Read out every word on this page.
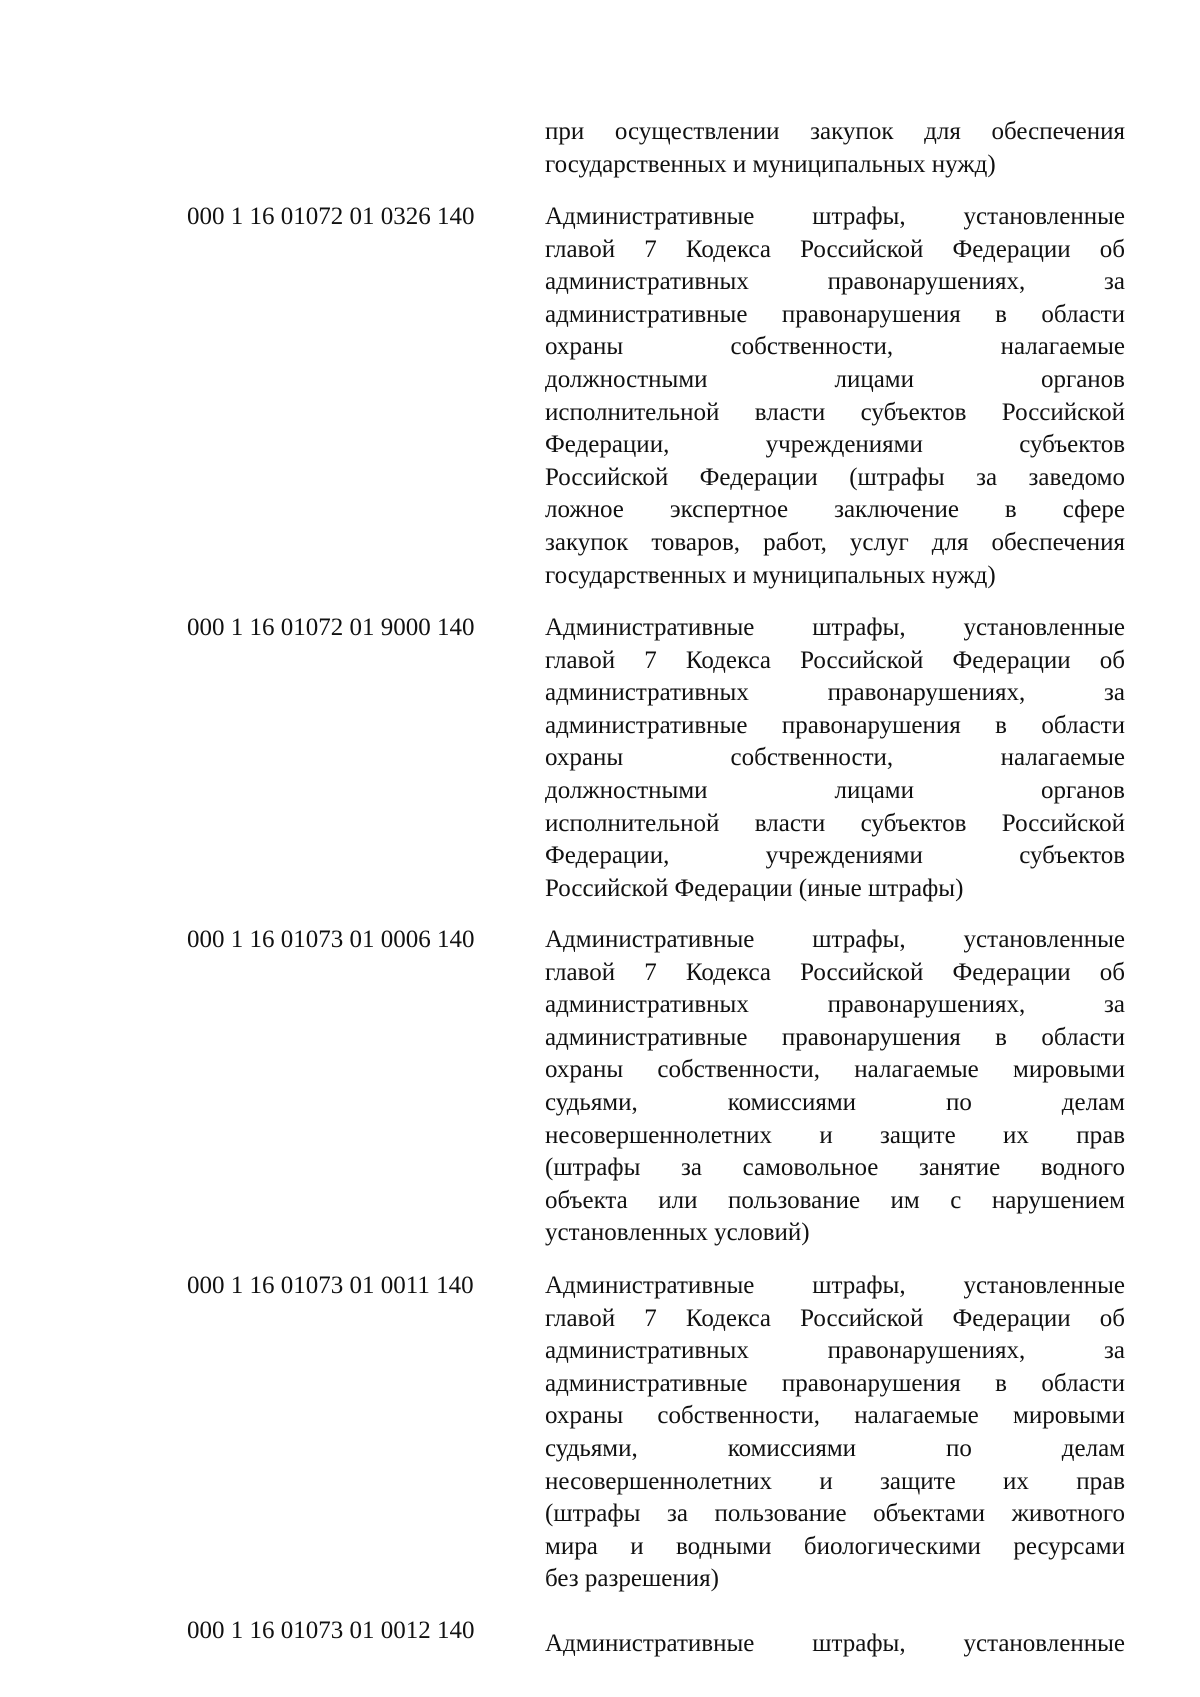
при осуществлении закупок для обеспечения
государственных и муниципальных нужд)
000 1 16 01072 01 0326 140	Административные штрафы, установленные
главой 7 Кодекса Российской Федерации об
административных правонарушениях, за
административные правонарушения в области
охраны собственности, налагаемые
должностными лицами органов
исполнительной власти субъектов Российской
Федерации, учреждениями субъектов
Российской Федерации (штрафы за заведомо
ложное экспертное заключение в сфере
закупок товаров, работ, услуг для обеспечения
государственных и муниципальных нужд)
000 1 16 01072 01 9000 140	Административные штрафы, установленные
главой 7 Кодекса Российской Федерации об
административных правонарушениях, за
административные правонарушения в области
охраны собственности, налагаемые
должностными лицами органов
исполнительной власти субъектов Российской
Федерации, учреждениями субъектов
Российской Федерации (иные штрафы)
000 1 16 01073 01 0006 140	Административные штрафы, установленные
главой 7 Кодекса Российской Федерации об
административных правонарушениях, за
административные правонарушения в области
охраны собственности, налагаемые мировыми
судьями, комиссиями по делам
несовершеннолетних и защите их прав
(штрафы за самовольное занятие водного
объекта или пользование им с нарушением
установленных условий)
000 1 16 01073 01 0011 140	Административные штрафы, установленные
главой 7 Кодекса Российской Федерации об
административных правонарушениях, за
административные правонарушения в области
охраны собственности, налагаемые мировыми
судьями, комиссиями по делам
несовершеннолетних и защите их прав
(штрафы за пользование объектами животного
мира и водными биологическими ресурсами
без разрешения)
000 1 16 01073 01 0012 140	Административные штрафы, установленные
